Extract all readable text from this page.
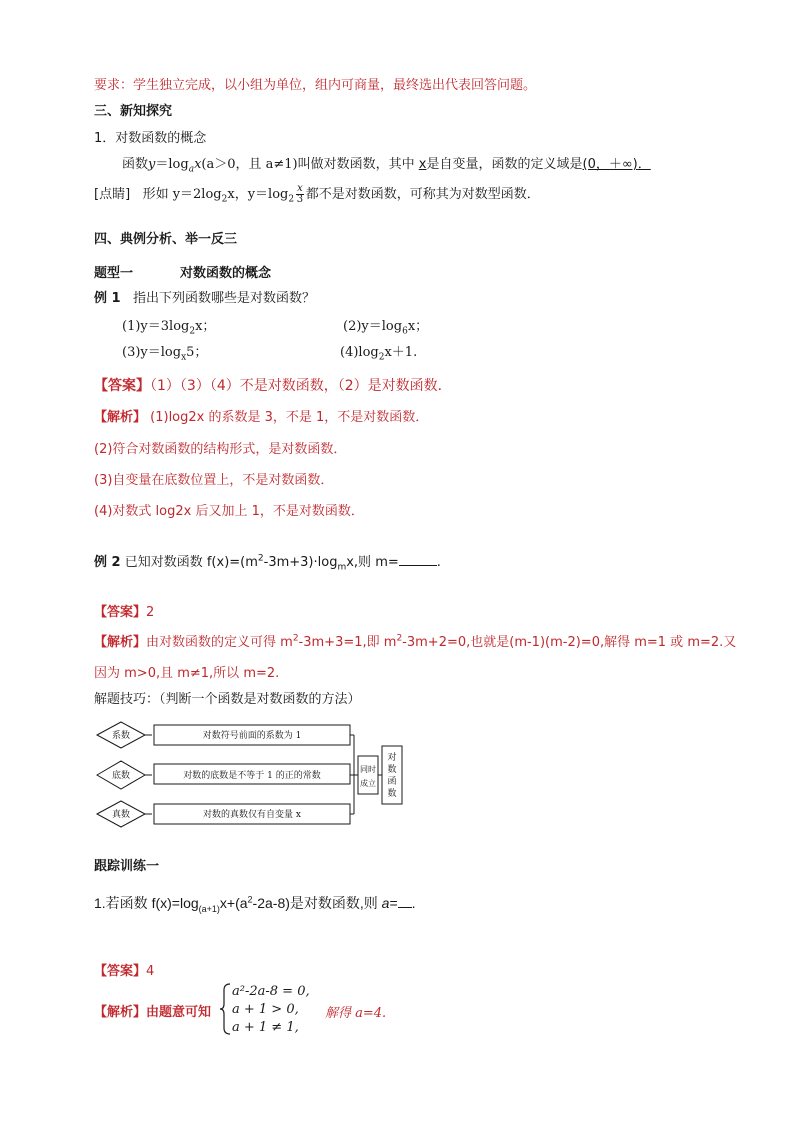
要求：学生独立完成，以小组为单位，组内可商量，最终选出代表回答问题。
三、新知探究
1．对数函数的概念
函数$y=\log_ax(a>0$，且 a≠1)叫做对数函数，其中 x是自变量，函数的定义域是(0，＋∞)．
[点睛] 形如 $y=2\log_2x$，$y=\log_2 \frac{x}{3}$ 都不是对数函数，可称其为对数型函数．
四、典例分析、举一反三
题型一	对数函数的概念
例 1 指出下列函数哪些是对数函数？
$(1)y=3\log_2x$；	$(2)y=\log_6x$；
$(3)y=\log_x5$；	$(4)\log_2x+1$.
【答案】（1）（3）（4）不是对数函数，（2）是对数函数．
【解析】 (1)log2x 的系数是 3，不是 1，不是对数函数．
(2)符合对数函数的结构形式，是对数函数．
(3)自变量在底数位置上，不是对数函数．
(4)对数式 log2x 后又加上 1，不是对数函数．
例 2 已知对数函数 $f(x)=(m^2-3m+3)\cdot\log_mx$,则 m=	.
【答案】2
【解析】由对数函数的定义可得 $m^2-3m+3=1$,即 $m^2-3m+2=0$,也就是(m-1)(m-2)=0,解得 m=1 或 m=2.又
因为 m>0,且 m≠1,所以 m=2.
解题技巧：（判断一个函数是对数函数的方法）
系数
底数
真数
对数符号前面的系数为 1
对数的底数是不等于 1 的正的常数
对数的真数仅有自变量 x
同时
成立
对
数
函
数
跟踪训练一
1.若函数 $f(x)=\log_{(a+1)}x+(a^2-2a-8)$是对数函数,则 a= .
【答案】4
【解析】由题意可知
a²-2a-8 = 0,
a + 1 > 0,
a + 1 ≠ 1,
解得 a=4.
